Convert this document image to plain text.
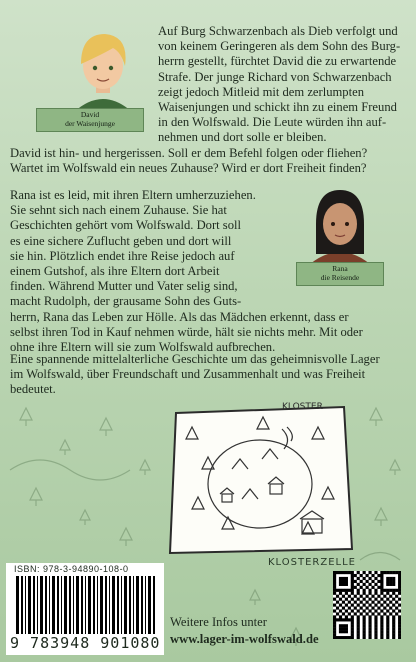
David
der Waisenjunge
Rana
die Reisende

Auf Burg Schwarzenbach als Dieb verfolgt und
von keinem Geringeren als dem Sohn des Burg-
herrn gestellt, fürchtet David die zu erwartende
Strafe. Der junge Richard von Schwarzenbach
zeigt jedoch Mitleid mit dem zerlumpten
Waisenjungen und schickt ihn zu einem Freund
in den Wolfswald. Die Leute würden ihn auf-
nehmen und dort solle er bleiben.

David ist hin- und hergerissen. Soll er dem Befehl folgen oder fliehen?
Wartet im Wolfswald ein neues Zuhause? Wird er dort Freiheit finden?

Rana ist es leid, mit ihren Eltern umherzuziehen.
Sie sehnt sich nach einem Zuhause. Sie hat
Geschichten gehört vom Wolfswald. Dort soll
es eine sichere Zuflucht geben und dort will
sie hin. Plötzlich endet ihre Reise jedoch auf
einem Gutshof, als ihre Eltern dort Arbeit
finden. Während Mutter und Vater selig sind,
macht Rudolph, der grausame Sohn des Guts-
herrn, Rana das Leben zur Hölle. Als das Mädchen erkennt, dass er
selbst ihren Tod in Kauf nehmen würde, hält sie nichts mehr. Mit oder
ohne ihre Eltern will sie zum Wolfswald aufbrechen.

Eine spannende mittelalterliche Geschichte um das geheimnisvolle Lager
im Wolfswald, über Freundschaft und Zusammenhalt und was Freiheit
bedeutet.

KLOSTER
KLOSTERZELLE
ISBN: 978-3-94890-108-0
9 783948 901080
Weitere Infos unter
www.lager-im-wolfswald.de
